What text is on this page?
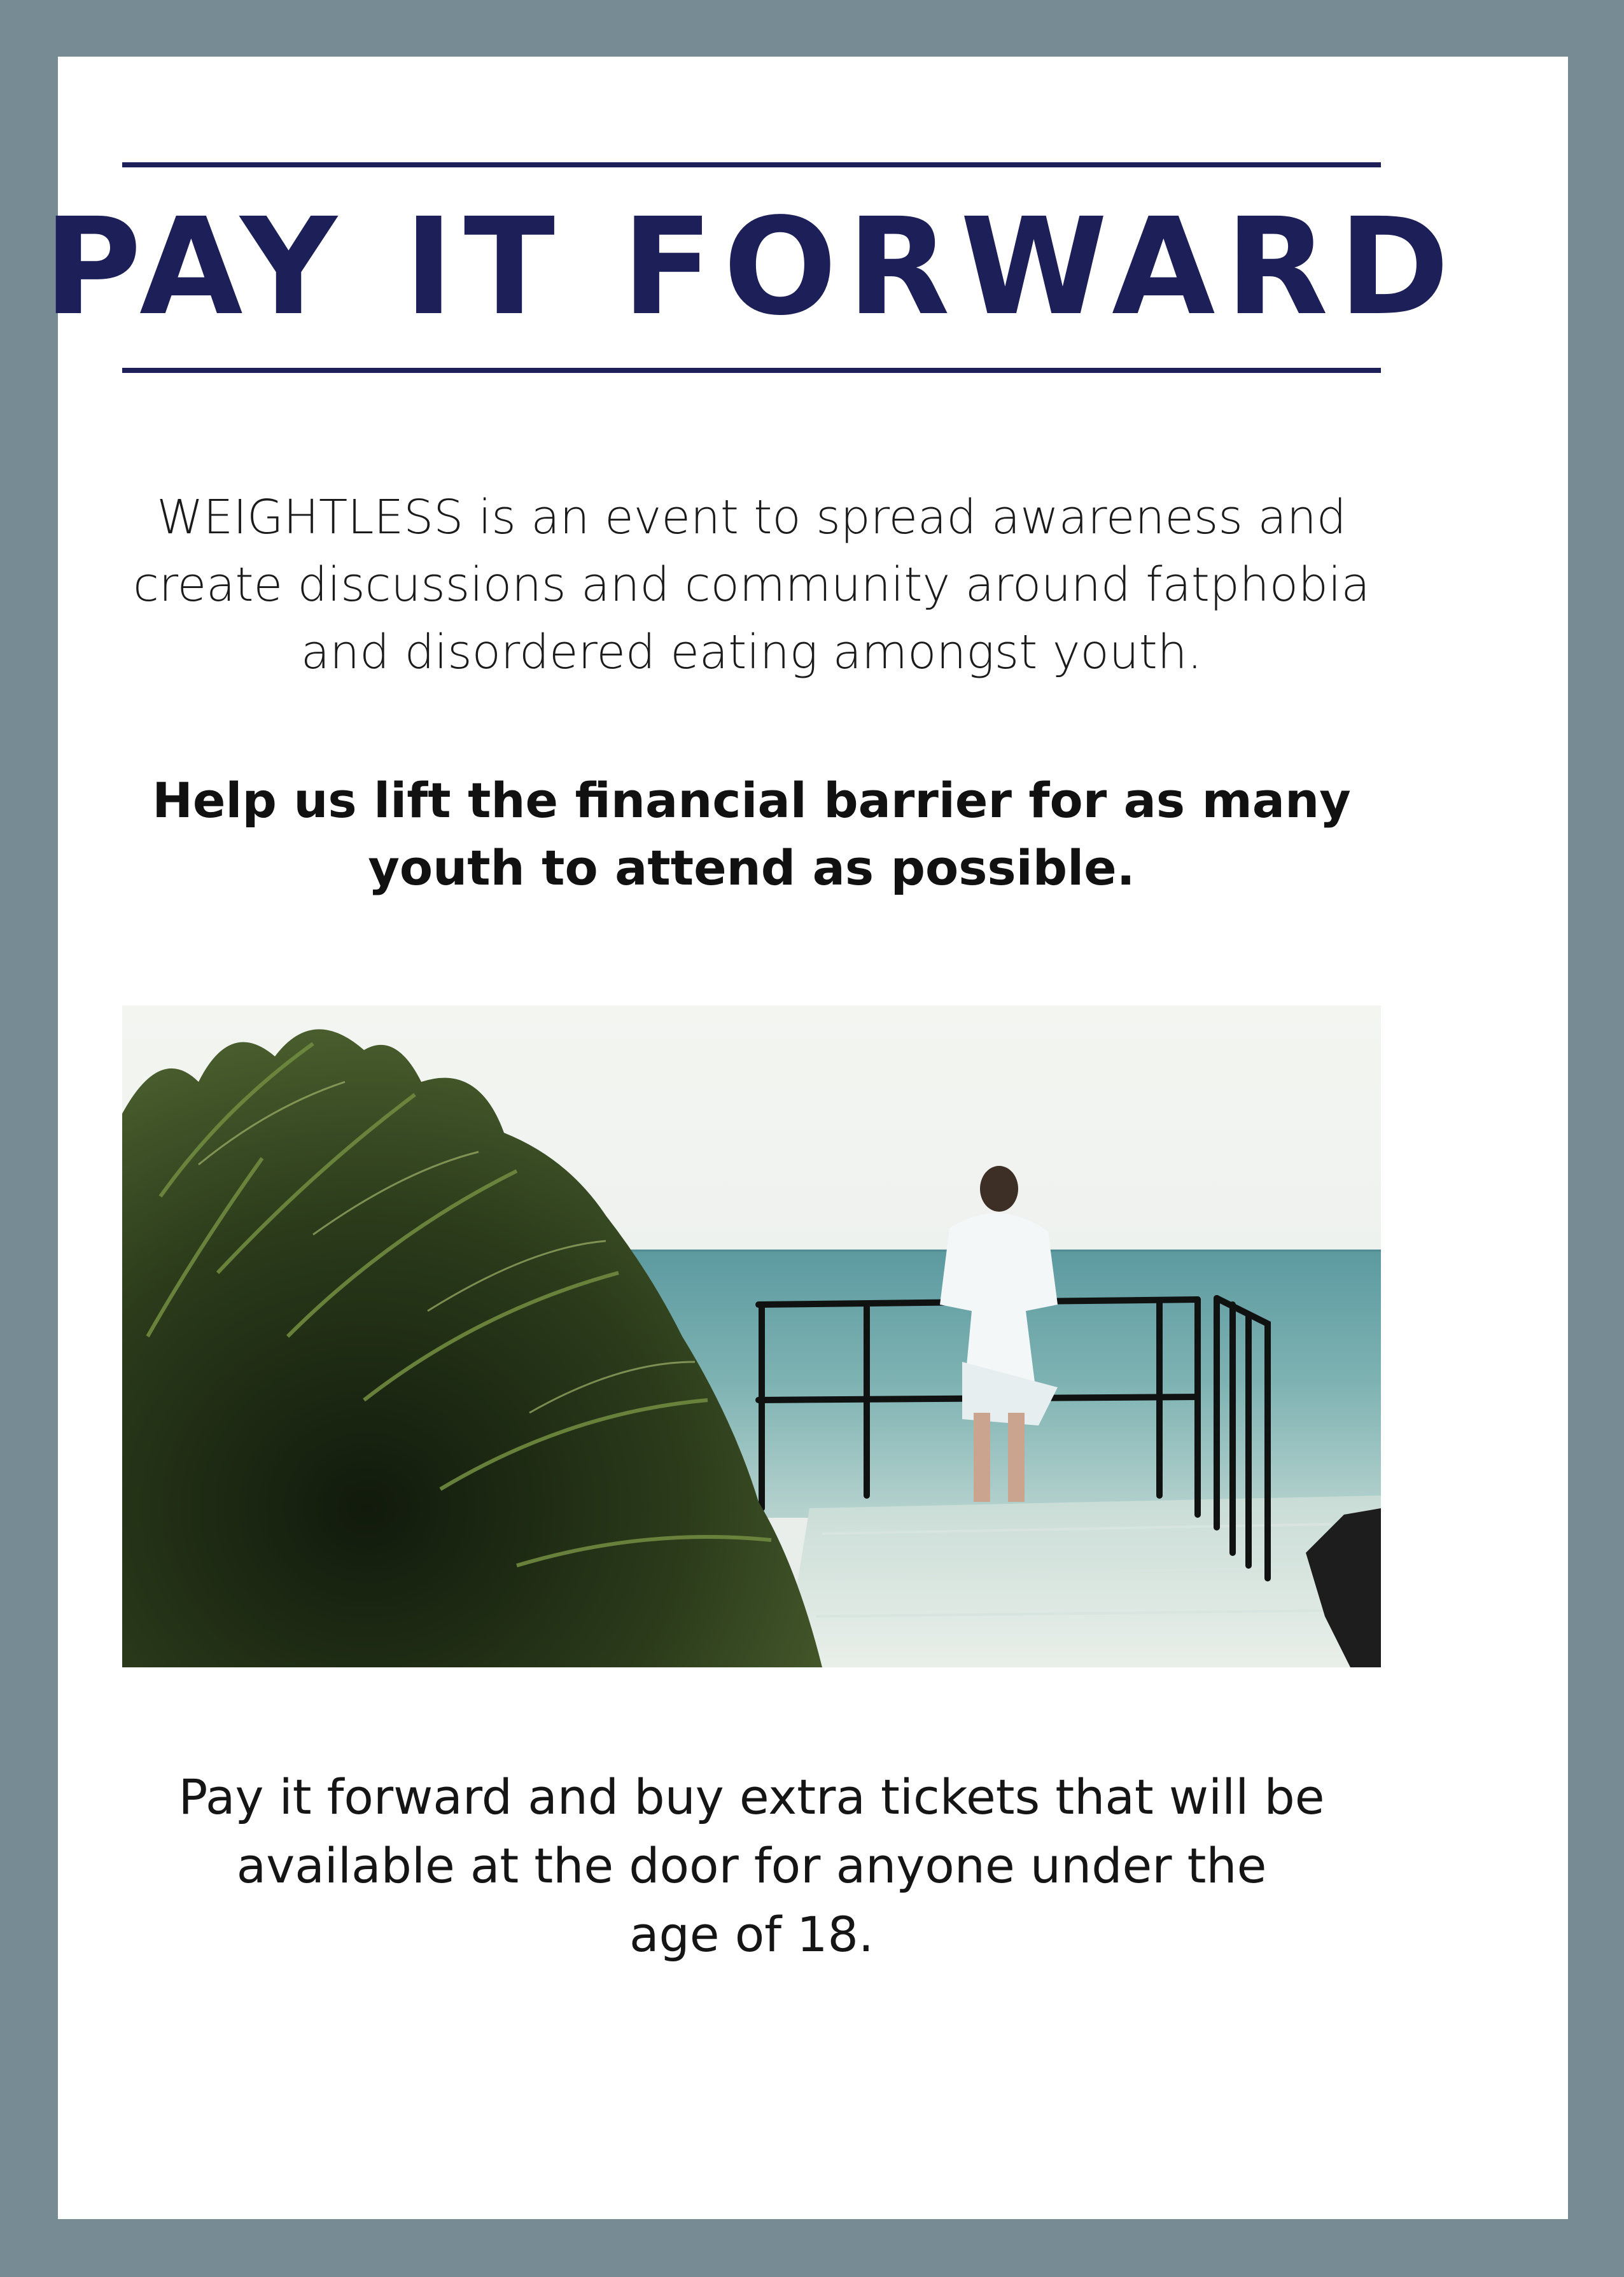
PAY IT FORWARD
WEIGHTLESS is an event to spread awareness and
create discussions and community around fatphobia
and disordered eating amongst youth.
Help us lift the financial barrier for as many
youth to attend as possible.
Pay it forward and buy extra tickets that will be
available at the door for anyone under the
age of 18.
